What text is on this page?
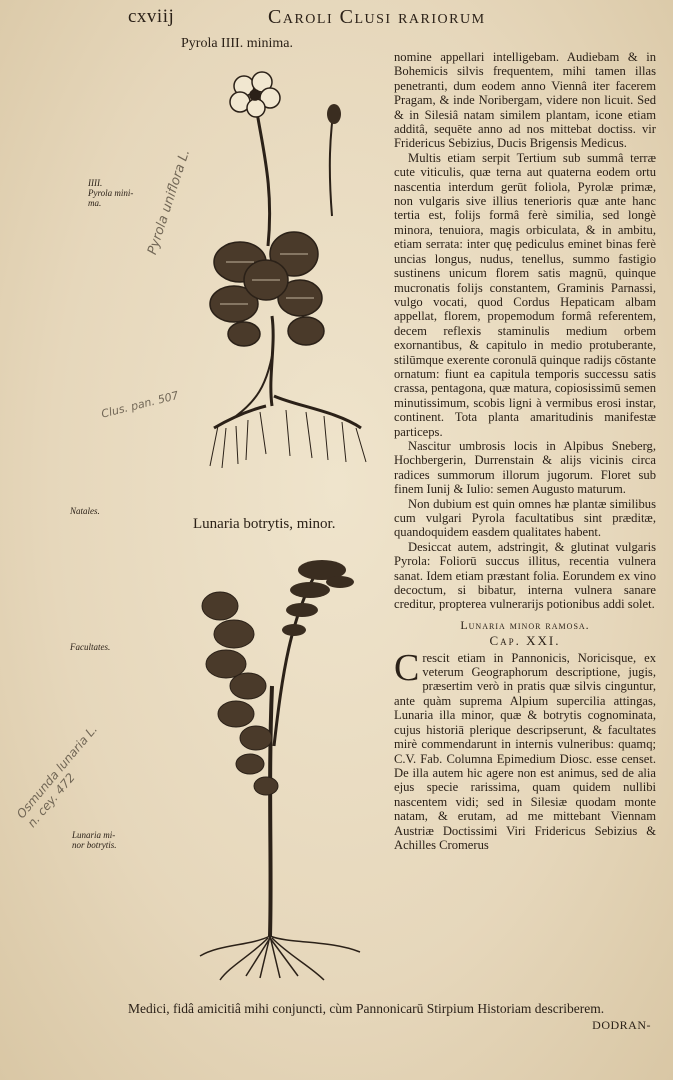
cxviij	Caroli Clusi rariorum
Pyrola IIII. minima.
Lunaria botrytis, minor.
IIII.
Pyrola mini-
ma.
Natales.
Facultates.
Lunaria mi-
nor botrytis.
Pyrola uniflora L.
Clus. pan. 507
Osmunda lunaria L.
n. cey. 472

nomine appellari intelligebam. Audiebam & in Bohemicis silvis frequentem, mihi tamen illas penetranti, dum eodem anno Viennâ iter facerem Pragam, & inde Noribergam, videre non licuit. Sed & in Silesiâ natam similem plantam, icone etiam additâ, sequēte anno ad nos mittebat doctiss. vir Fridericus Sebizius, Ducis Brigensis Medicus.

Multis etiam serpit Tertium sub summâ terræ cute viticulis, quæ terna aut quaterna eodem ortu nascentia interdum gerūt foliola, Pyrolæ primæ, non vulgaris sive illius tenerioris quæ ante hanc tertia est, folijs formâ ferè similia, sed longè minora, tenuiora, magis orbiculata, & in ambitu, etiam serrata: inter quę pediculus eminet binas ferè uncias longus, nudus, tenellus, summo fastigio sustinens unicum florem satis magnū, quinque mucronatis folijs constantem, Graminis Parnassi, vulgo vocati, quod Cordus Hepaticam albam appellat, florem, propemodum formâ referentem, decem reflexis staminulis medium orbem exornantibus, & capitulo in medio protuberante, stilūmque exerente coronulā quinque radijs cōstante ornatum: fiunt ea capitula temporis successu satis crassa, pentagona, quæ matura, copiosissimū semen minutissimum, scobis ligni à vermibus erosi instar, continent. Tota planta amaritudinis manifestæ particeps.

Nascitur umbrosis locis in Alpibus Sneberg, Hochbergerin, Durrenstain & alijs vicinis circa radices summorum illorum jugorum. Floret sub finem Iunij & Iulio: semen Augusto maturum.

Non dubium est quin omnes hæ plantæ similibus cum vulgari Pyrola facultatibus sint præditæ, quandoquidem easdem qualitates habent.

Desiccat autem, adstringit, & glutinat vulgaris Pyrola: Foliorū succus illitus, recentia vulnera sanat. Idem etiam præstant folia. Eorundem ex vino decoctum, si bibatur, interna vulnera sanare creditur, propterea vulnerarijs potionibus addi solet.

Lunaria minor ramosa.
Cap. XXI.

Crescit etiam in Pannonicis, Noricisque, ex veterum Geographorum descriptione, jugis, præsertim verò in pratis quæ silvis cinguntur, ante quàm suprema Alpium supercilia attingas, Lunaria illa minor, quæ & botrytis cognominata, cujus historiā plerique descripserunt, & facultates mirè commendarunt in internis vulneribus: quamq; C.V. Fab. Columna Epimedium Diosc. esse censet. De illa autem hic agere non est animus, sed de alia ejus specie rarissima, quam quidem nullibi nascentem vidi; sed in Silesiæ quodam monte natam, & erutam, ad me mittebant Viennam Austriæ Doctissimi Viri Fridericus Sebizius & Achilles Cromerus

Medici, fidâ amicitiâ mihi conjuncti, cùm Pannonicarū Stirpium Historiam describerem.
DODRAN-
